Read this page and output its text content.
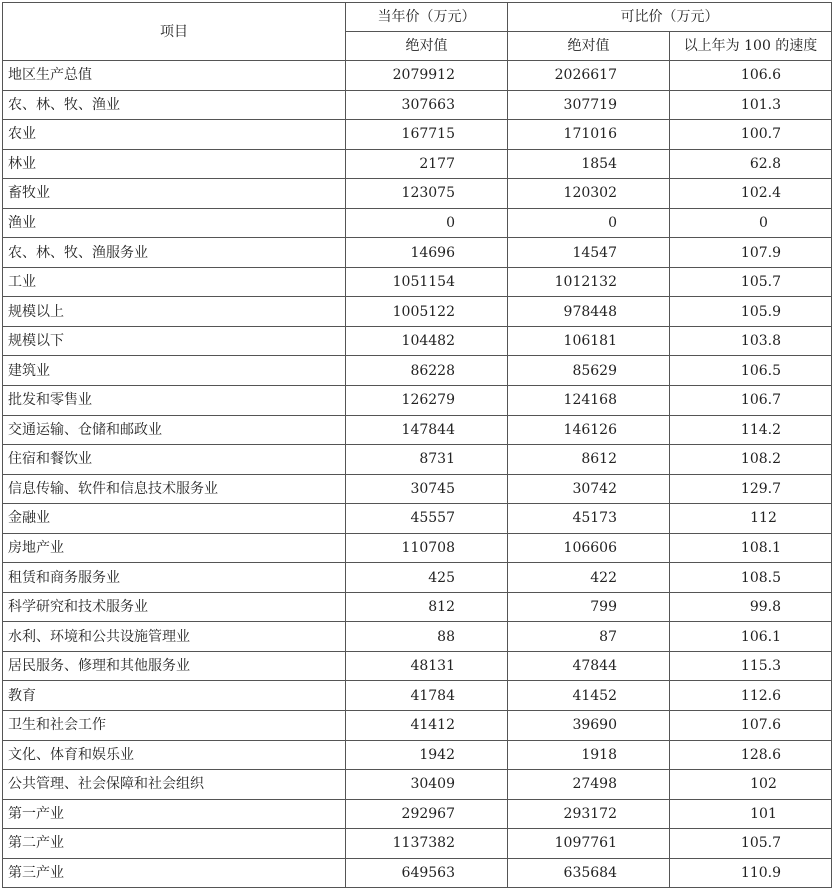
项目	当年价（万元）	可比价（万元）	
	绝对值	绝对值	以上年为 100 的速度
地区生产总值	2079912	2026617	106.6
农、林、牧、渔业	307663	307719	101.3
农业	167715	171016	100.7
林业	2177	1854	62.8
畜牧业	123075	120302	102.4
渔业	0	0	0
农、林、牧、渔服务业	14696	14547	107.9
工业	1051154	1012132	105.7
规模以上	1005122	978448	105.9
规模以下	104482	106181	103.8
建筑业	86228	85629	106.5
批发和零售业	126279	124168	106.7
交通运输、仓储和邮政业	147844	146126	114.2
住宿和餐饮业	8731	8612	108.2
信息传输、软件和信息技术服务业	30745	30742	129.7
金融业	45557	45173	112
房地产业	110708	106606	108.1
租赁和商务服务业	425	422	108.5
科学研究和技术服务业	812	799	99.8
水利、环境和公共设施管理业	88	87	106.1
居民服务、修理和其他服务业	48131	47844	115.3
教育	41784	41452	112.6
卫生和社会工作	41412	39690	107.6
文化、体育和娱乐业	1942	1918	128.6
公共管理、社会保障和社会组织	30409	27498	102
第一产业	292967	293172	101
第二产业	1137382	1097761	105.7
第三产业	649563	635684	110.9
